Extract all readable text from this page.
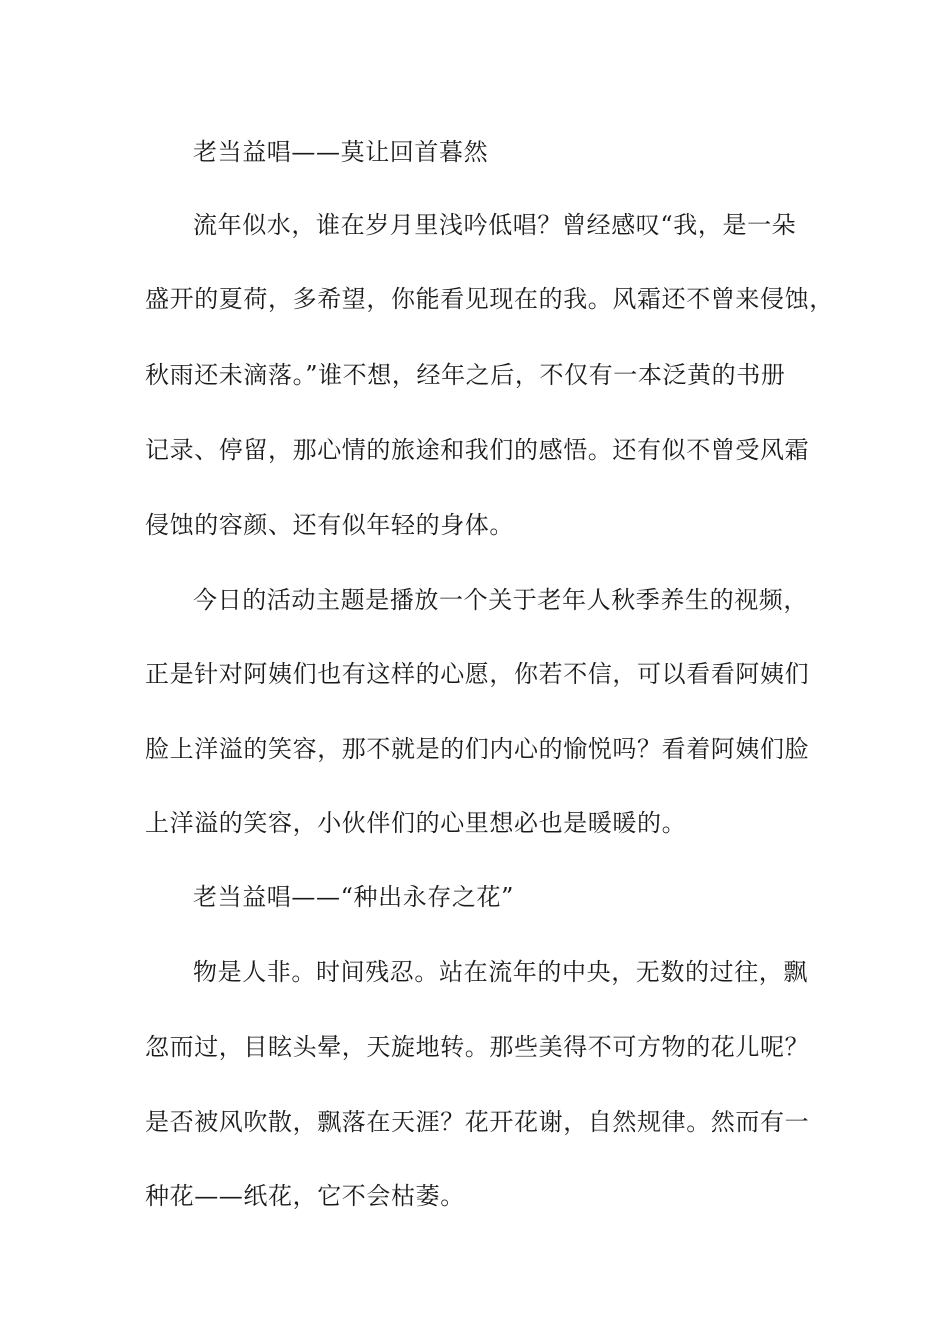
老当益唱——莫让回首暮然
流年似水，谁在岁月里浅吟低唱？曾经感叹“我，是一朵
盛开的夏荷，多希望，你能看见现在的我。风霜还不曾来侵蚀，
秋雨还未滴落。”谁不想，经年之后，不仅有一本泛黄的书册
记录、停留，那心情的旅途和我们的感悟。还有似不曾受风霜
侵蚀的容颜、还有似年轻的身体。
今日的活动主题是播放一个关于老年人秋季养生的视频，
正是针对阿姨们也有这样的心愿，你若不信，可以看看阿姨们
脸上洋溢的笑容，那不就是的们内心的愉悦吗？看着阿姨们脸
上洋溢的笑容，小伙伴们的心里想必也是暖暖的。
老当益唱——“种出永存之花”
物是人非。时间残忍。站在流年的中央，无数的过往，飘
忽而过，目眩头晕，天旋地转。那些美得不可方物的花儿呢？
是否被风吹散，飘落在天涯？花开花谢，自然规律。然而有一
种花——纸花，它不会枯萎。
